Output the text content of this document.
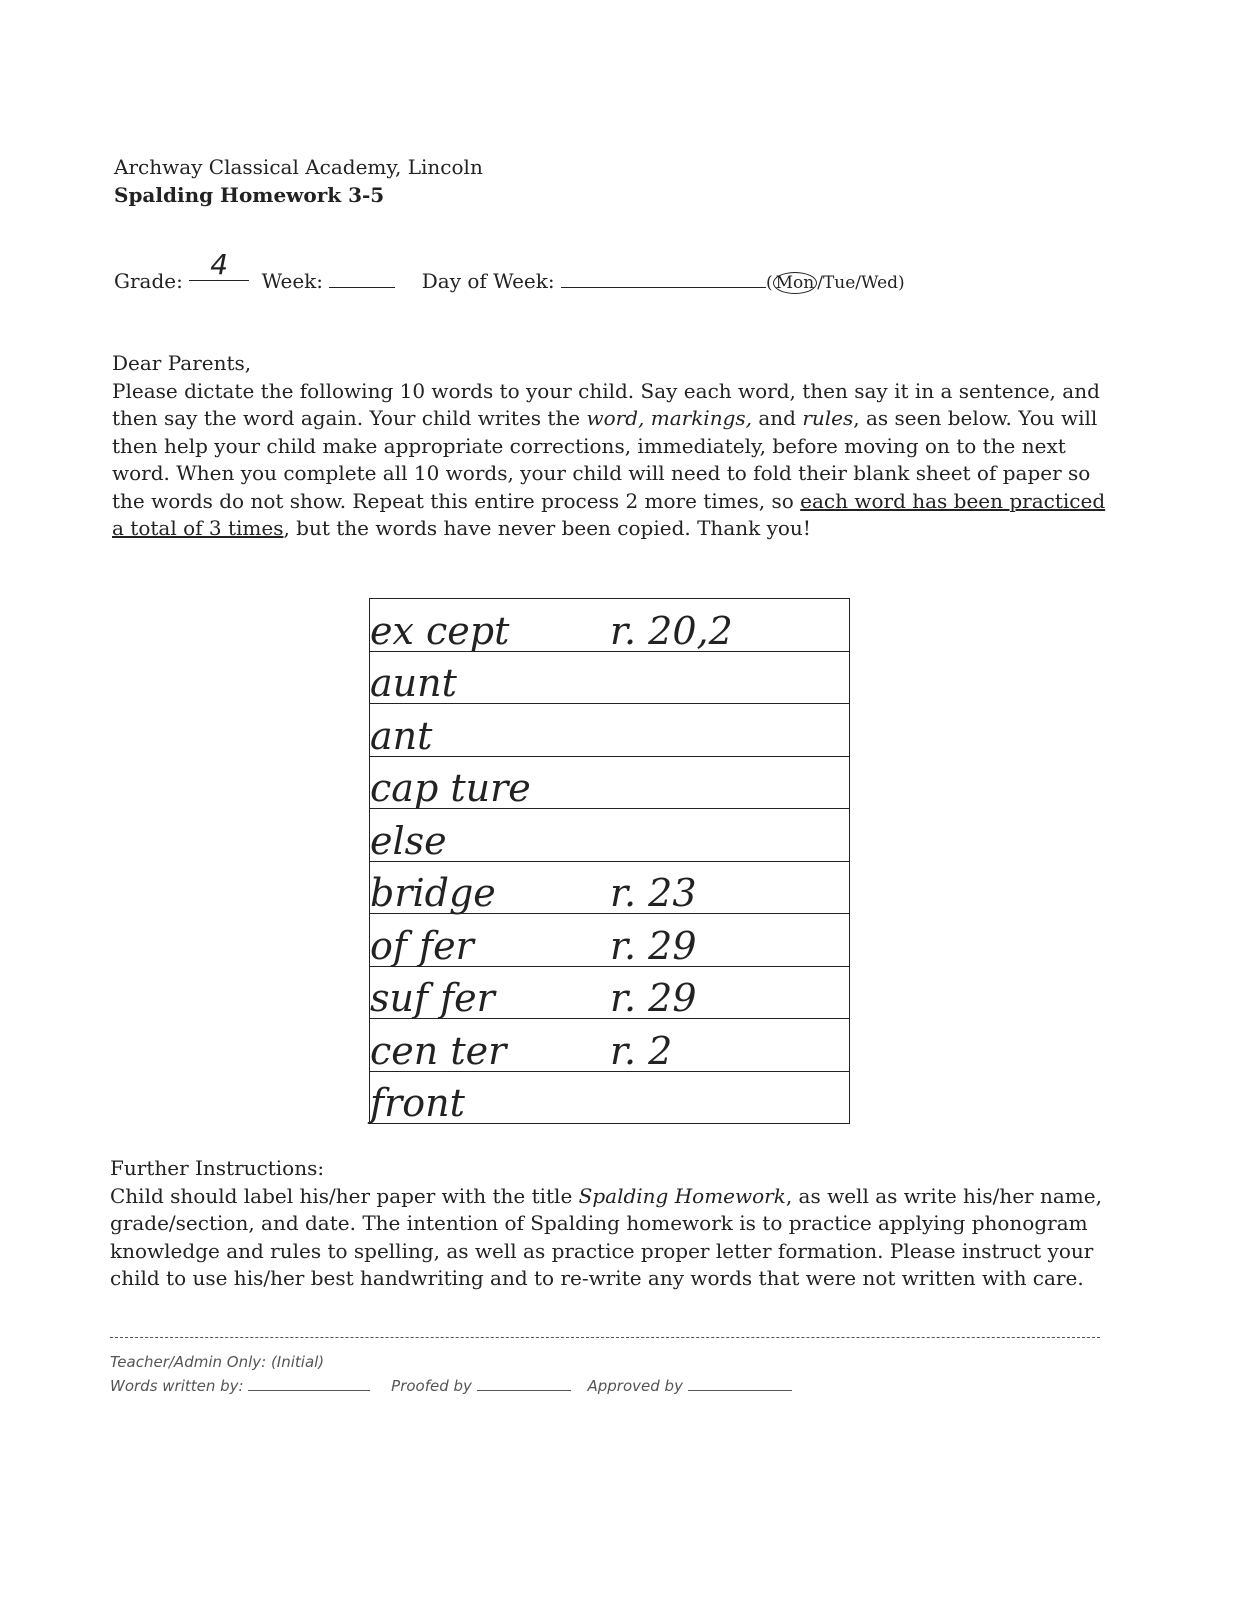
Archway Classical Academy, Lincoln
Spalding Homework 3-5
Grade: 4 Week:	Day of Week:	( Mon /Tue/Wed)
Dear Parents,
Please dictate the following 10 words to your child. Say each word, then say it in a sentence, and then say the word again. Your child writes the word, markings, and rules, as seen below. You will then help your child make appropriate corrections, immediately, before moving on to the next word. When you complete all 10 words, your child will need to fold their blank sheet of paper so the words do not show. Repeat this entire process 2 more times, so each word has been practiced a total of 3 times, but the words have never been copied. Thank you!
ex cept	r. 20,2
aunt	
ant	
cap ture	
else	
bridge	r. 23
of fer	r. 29
suf fer	r. 29
cen ter	r. 2
front	
Further Instructions:
Child should label his/her paper with the title Spalding Homework, as well as write his/her name, grade/section, and date. The intention of Spalding homework is to practice applying phonogram knowledge and rules to spelling, as well as practice proper letter formation. Please instruct your child to use his/her best handwriting and to re-write any words that were not written with care.
Teacher/Admin Only: (Initial)
Words written by:	Proofed by	Approved by
